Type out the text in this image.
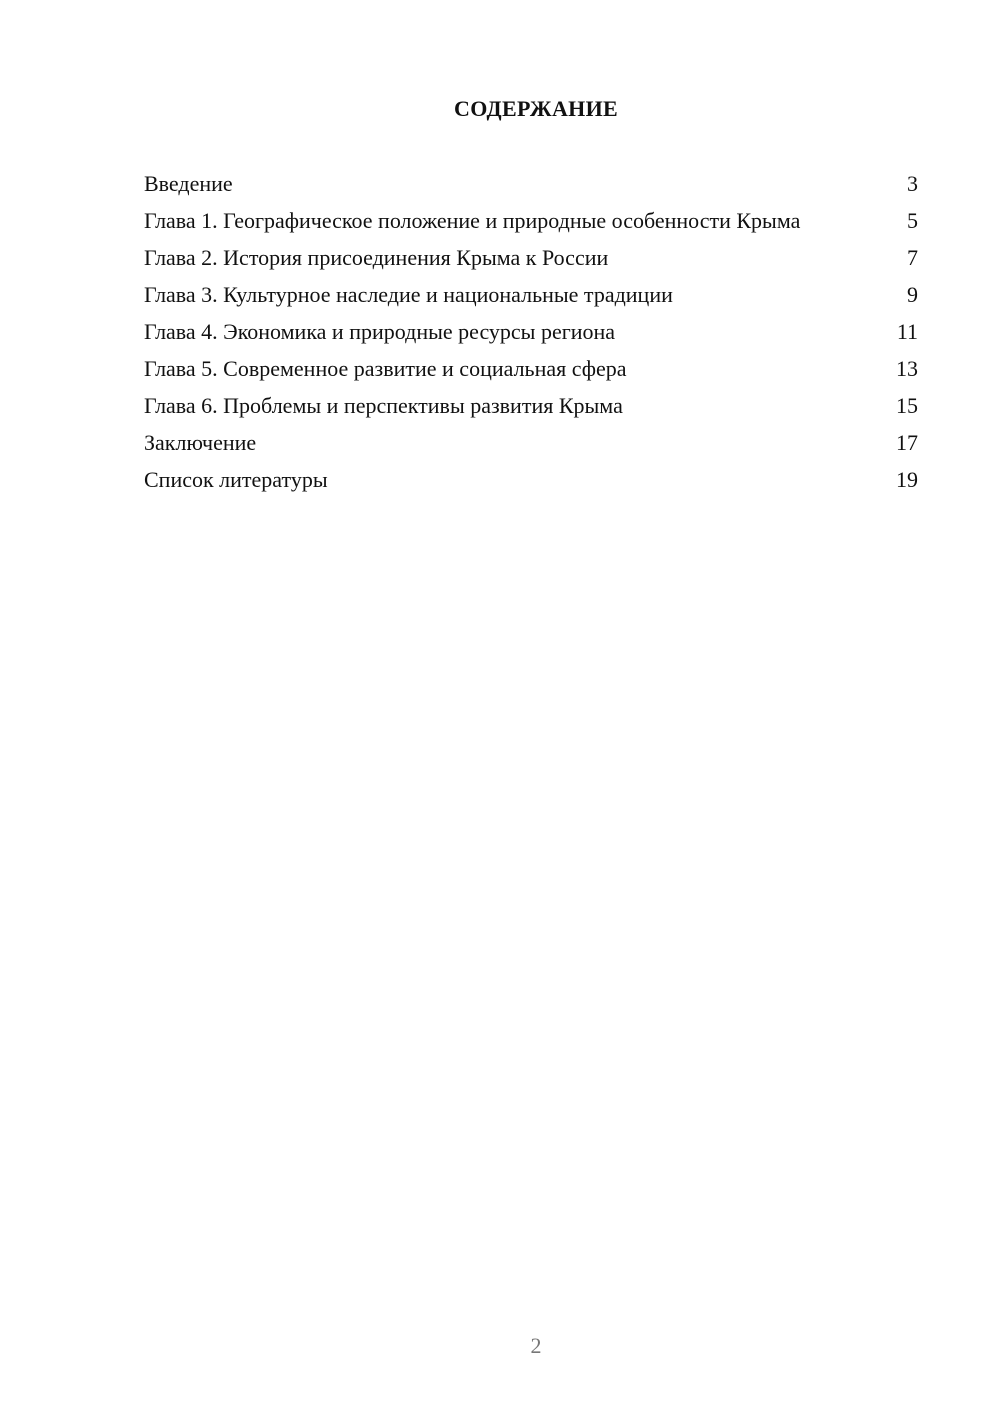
СОДЕРЖАНИЕ
Введение	3
Глава 1. Географическое положение и природные особенности Крыма	5
Глава 2. История присоединения Крыма к России	7
Глава 3. Культурное наследие и национальные традиции	9
Глава 4. Экономика и природные ресурсы региона	11
Глава 5. Современное развитие и социальная сфера	13
Глава 6. Проблемы и перспективы развития Крыма	15
Заключение	17
Список литературы	19
2
